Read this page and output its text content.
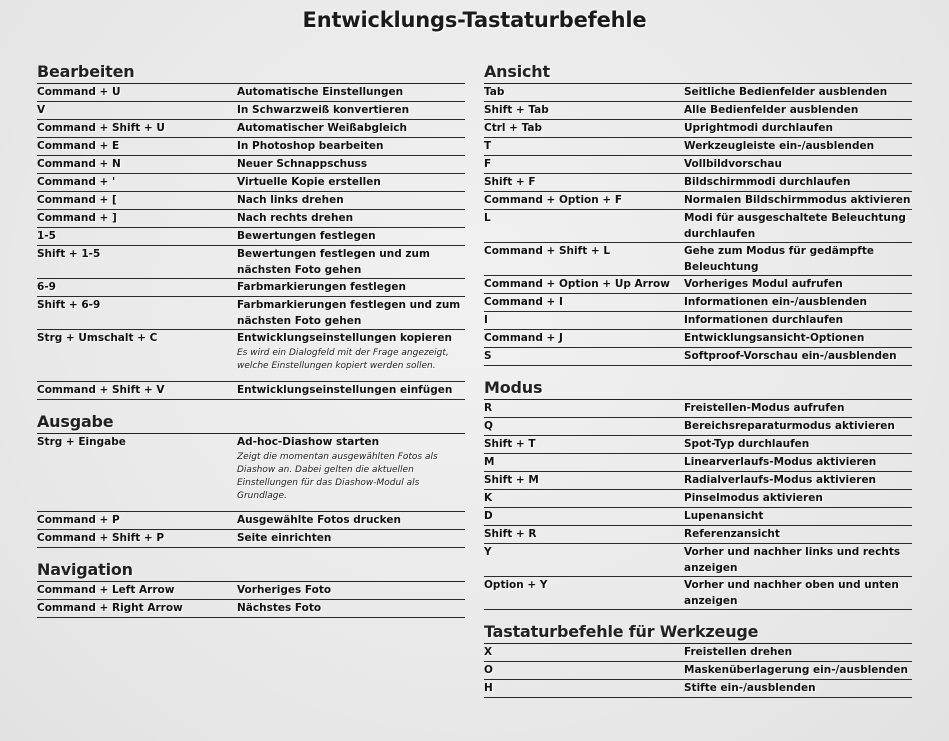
Entwicklungs-Tastaturbefehle
Bearbeiten
Command + U	Automatische Einstellungen
V	In Schwarzweiß konvertieren
Command + Shift + U	Automatischer Weißabgleich
Command + E	In Photoshop bearbeiten
Command + N	Neuer Schnappschuss
Command + '	Virtuelle Kopie erstellen
Command + [	Nach links drehen
Command + ]	Nach rechts drehen
1-5	Bewertungen festlegen
Shift + 1-5	Bewertungen festlegen und zum nächsten Foto gehen
6-9	Farbmarkierungen festlegen
Shift + 6-9	Farbmarkierungen festlegen und zum nächsten Foto gehen
Strg + Umschalt + C	Entwicklungseinstellungen kopieren
Es wird ein Dialogfeld mit der Frage angezeigt, welche Einstellungen kopiert werden sollen.
Command + Shift + V	Entwicklungseinstellungen einfügen
Ausgabe
Strg + Eingabe	Ad-hoc-Diashow starten
Zeigt die momentan ausgewählten Fotos als Diashow an. Dabei gelten die aktuellen Einstellungen für das Diashow-Modul als Grundlage.
Command + P	Ausgewählte Fotos drucken
Command + Shift + P	Seite einrichten
Navigation
Command + Left Arrow	Vorheriges Foto
Command + Right Arrow	Nächstes Foto
Ansicht
Tab	Seitliche Bedienfelder ausblenden
Shift + Tab	Alle Bedienfelder ausblenden
Ctrl + Tab	Uprightmodi durchlaufen
T	Werkzeugleiste ein-/ausblenden
F	Vollbildvorschau
Shift + F	Bildschirmmodi durchlaufen
Command + Option + F	Normalen Bildschirmmodus aktivieren
L	Modi für ausgeschaltete Beleuchtung durchlaufen
Command + Shift + L	Gehe zum Modus für gedämpfte Beleuchtung
Command + Option + Up Arrow	Vorheriges Modul aufrufen
Command + I	Informationen ein-/ausblenden
I	Informationen durchlaufen
Command + J	Entwicklungsansicht-Optionen
S	Softproof-Vorschau ein-/ausblenden
Modus
R	Freistellen-Modus aufrufen
Q	Bereichsreparaturmodus aktivieren
Shift + T	Spot-Typ durchlaufen
M	Linearverlaufs-Modus aktivieren
Shift + M	Radialverlaufs-Modus aktivieren
K	Pinselmodus aktivieren
D	Lupenansicht
Shift + R	Referenzansicht
Y	Vorher und nachher links und rechts anzeigen
Option + Y	Vorher und nachher oben und unten anzeigen
Tastaturbefehle für Werkzeuge
X	Freistellen drehen
O	Maskenüberlagerung ein-/ausblenden
H	Stifte ein-/ausblenden
